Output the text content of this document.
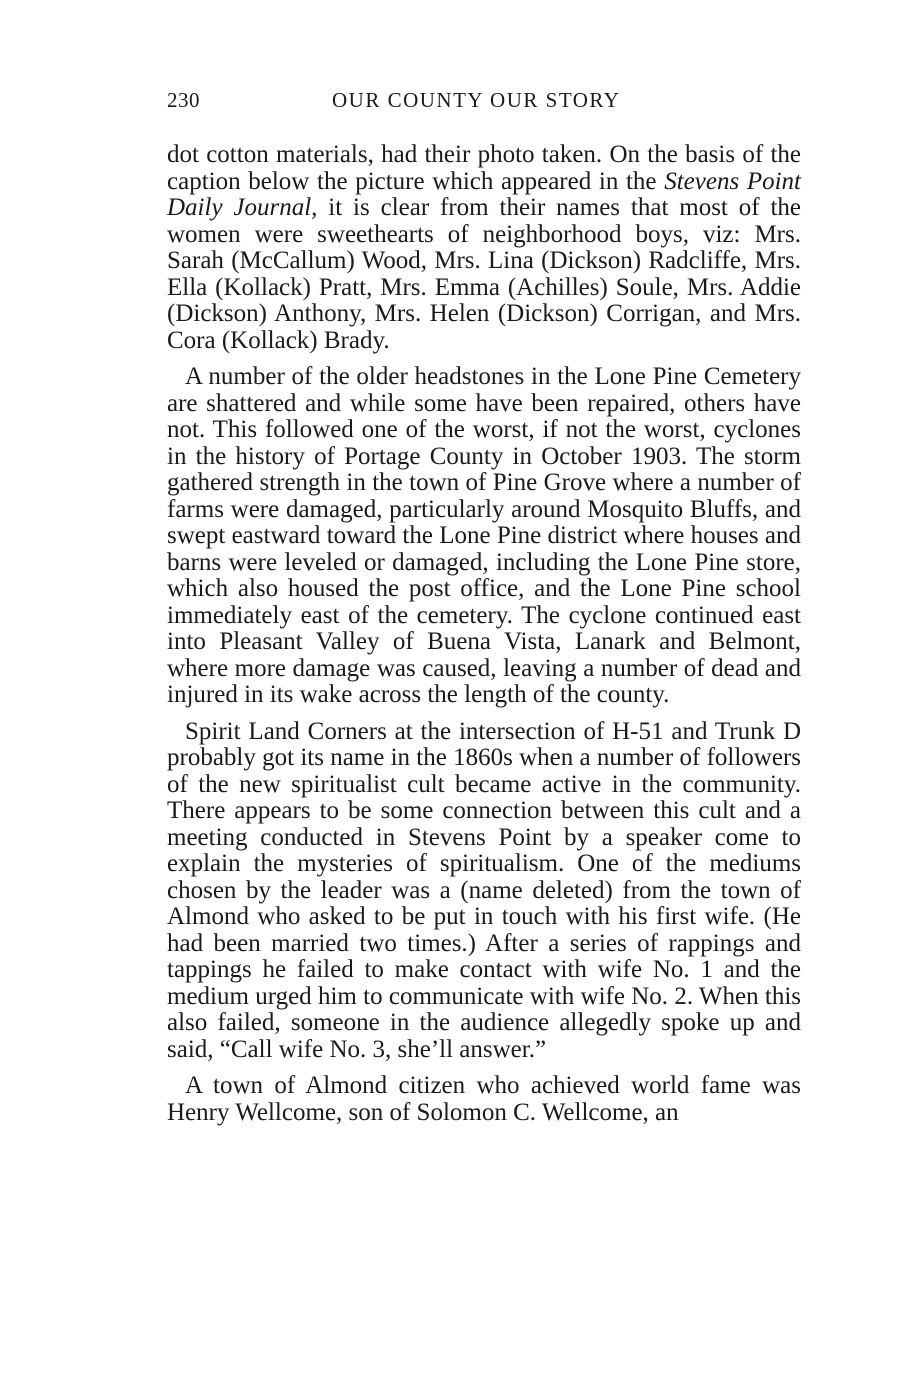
230	OUR COUNTY OUR STORY

dot cotton materials, had their photo taken. On the basis of the caption below the picture which appeared in the Stevens Point Daily Journal, it is clear from their names that most of the women were sweethearts of neighborhood boys, viz: Mrs. Sarah (McCallum) Wood, Mrs. Lina (Dickson) Radcliffe, Mrs. Ella (Kollack) Pratt, Mrs. Emma (Achilles) Soule, Mrs. Addie (Dickson) Anthony, Mrs. Helen (Dickson) Corrigan, and Mrs. Cora (Kollack) Brady.

A number of the older headstones in the Lone Pine Cemetery are shattered and while some have been repaired, others have not. This followed one of the worst, if not the worst, cyclones in the history of Portage County in October 1903. The storm gathered strength in the town of Pine Grove where a number of farms were damaged, particularly around Mosquito Bluffs, and swept eastward toward the Lone Pine district where houses and barns were leveled or damaged, including the Lone Pine store, which also housed the post office, and the Lone Pine school immediately east of the cemetery. The cyclone continued east into Pleasant Valley of Buena Vista, Lanark and Belmont, where more damage was caused, leaving a number of dead and injured in its wake across the length of the county.

Spirit Land Corners at the intersection of H-51 and Trunk D probably got its name in the 1860s when a number of followers of the new spiritualist cult became active in the community. There appears to be some connection between this cult and a meeting conducted in Stevens Point by a speaker come to explain the mysteries of spiritualism. One of the mediums chosen by the leader was a (name deleted) from the town of Almond who asked to be put in touch with his first wife. (He had been married two times.) After a series of rappings and tappings he failed to make contact with wife No. 1 and the medium urged him to communicate with wife No. 2. When this also failed, someone in the audience allegedly spoke up and said, “Call wife No. 3, she’ll answer.”

A town of Almond citizen who achieved world fame was Henry Wellcome, son of Solomon C. Wellcome, an
